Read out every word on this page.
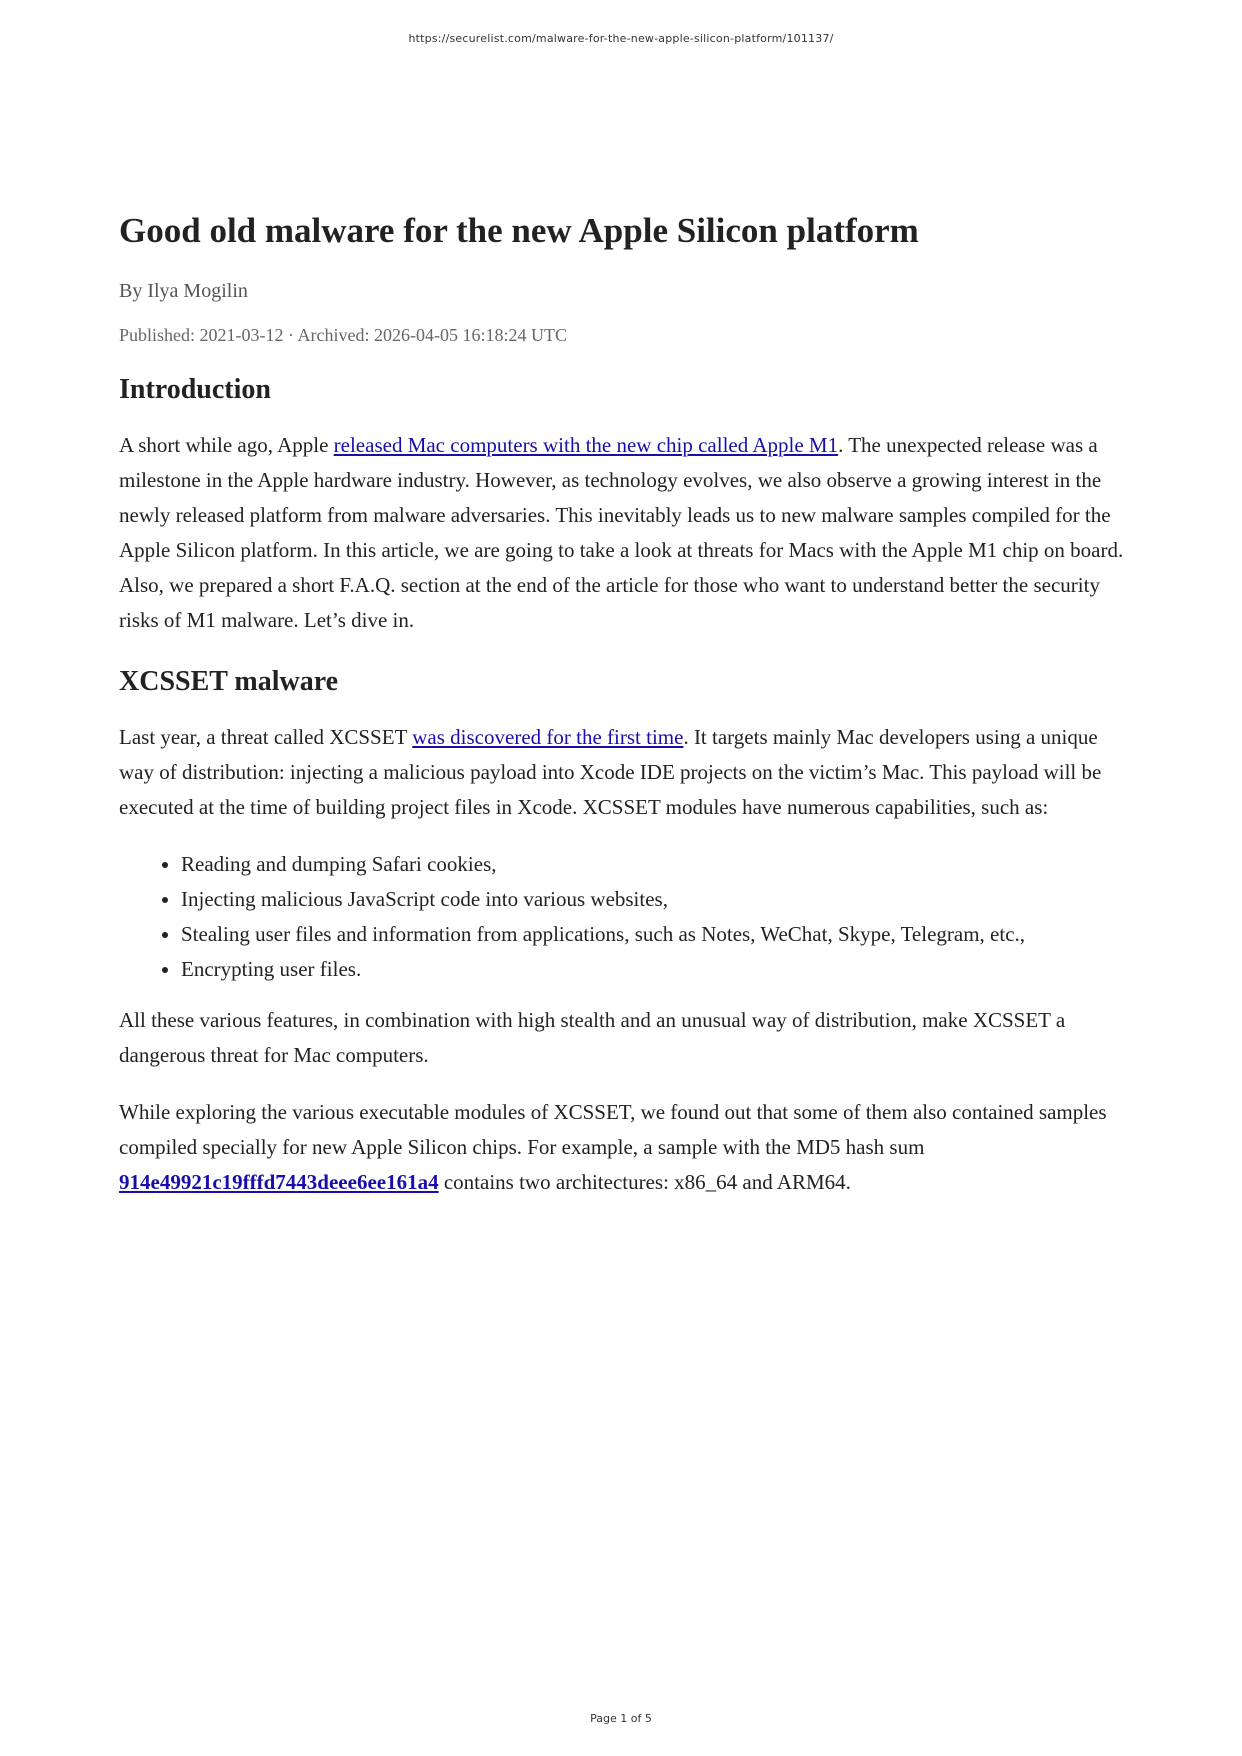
https://securelist.com/malware-for-the-new-apple-silicon-platform/101137/
Good old malware for the new Apple Silicon platform
By Ilya Mogilin
Published: 2021-03-12 · Archived: 2026-04-05 16:18:24 UTC
Introduction

A short while ago, Apple released Mac computers with the new chip called Apple M1. The unexpected release was a milestone in the Apple hardware industry. However, as technology evolves, we also observe a growing interest in the newly released platform from malware adversaries. This inevitably leads us to new malware samples compiled for the Apple Silicon platform. In this article, we are going to take a look at threats for Macs with the Apple M1 chip on board. Also, we prepared a short F.A.Q. section at the end of the article for those who want to understand better the security risks of M1 malware. Let’s dive in.

XCSSET malware

Last year, a threat called XCSSET was discovered for the first time. It targets mainly Mac developers using a unique way of distribution: injecting a malicious payload into Xcode IDE projects on the victim’s Mac. This payload will be executed at the time of building project files in Xcode. XCSSET modules have numerous capabilities, such as:

• Reading and dumping Safari cookies,
• Injecting malicious JavaScript code into various websites,
• Stealing user files and information from applications, such as Notes, WeChat, Skype, Telegram, etc.,
• Encrypting user files.

All these various features, in combination with high stealth and an unusual way of distribution, make XCSSET a dangerous threat for Mac computers.

While exploring the various executable modules of XCSSET, we found out that some of them also contained samples compiled specially for new Apple Silicon chips. For example, a sample with the MD5 hash sum 914e49921c19fffd7443deee6ee161a4 contains two architectures: x86_64 and ARM64.

Page 1 of 5
